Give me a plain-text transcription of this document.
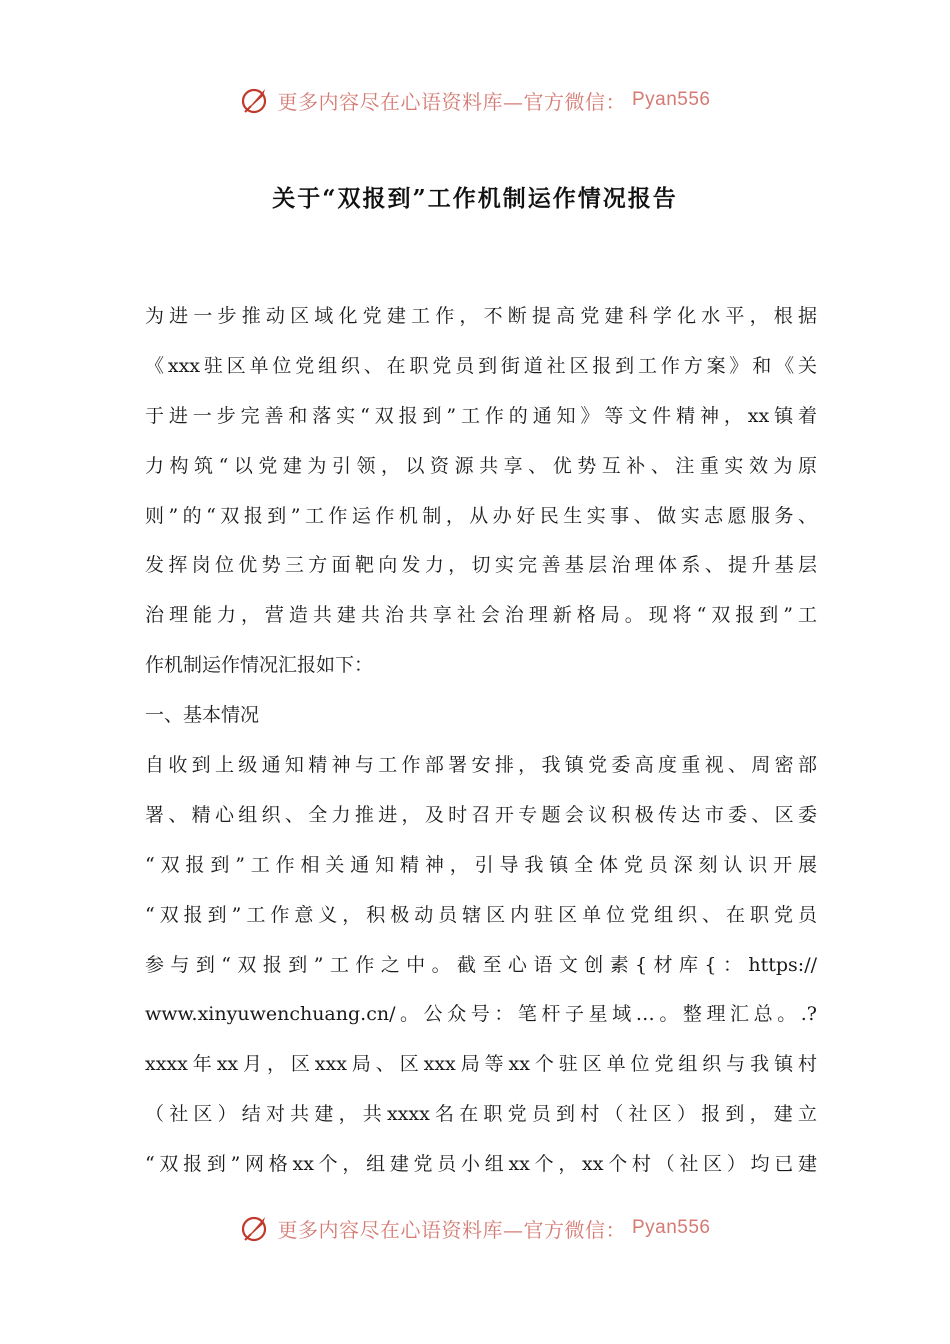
更多内容尽在心语资料库—官方微信： Pyan556
关于“双报到”工作机制运作情况报告
为进一步推动区域化党建工作，不断提高党建科学化水平，根据
《xxx驻区单位党组织、在职党员到街道社区报到工作方案》和《关
于进一步完善和落实“双报到”工作的通知》等文件精神，xx镇着
力构筑“以党建为引领，以资源共享、优势互补、注重实效为原
则”的“双报到”工作运作机制，从办好民生实事、做实志愿服务、
发挥岗位优势三方面靶向发力，切实完善基层治理体系、提升基层
治理能力，营造共建共治共享社会治理新格局。现将“双报到”工
作机制运作情况汇报如下：
一、基本情况
自收到上级通知精神与工作部署安排，我镇党委高度重视、周密部
署、精心组织、全力推进，及时召开专题会议积极传达市委、区委
“双报到”工作相关通知精神，引导我镇全体党员深刻认识开展
“双报到”工作意义，积极动员辖区内驻区单位党组织、在职党员
参与到“双报到”工作之中。截至心语文创素{材库{：https://
www.xinyuwenchuang.cn/。公众号：笔杆子星域…。整理汇总。.?
xxxx年xx月，区xxx局、区xxx局等xx个驻区单位党组织与我镇村
（社区）结对共建，共xxxx名在职党员到村（社区）报到，建立
“双报到”网格xx个，组建党员小组xx个，xx个村（社区）均已建
更多内容尽在心语资料库—官方微信： Pyan556
